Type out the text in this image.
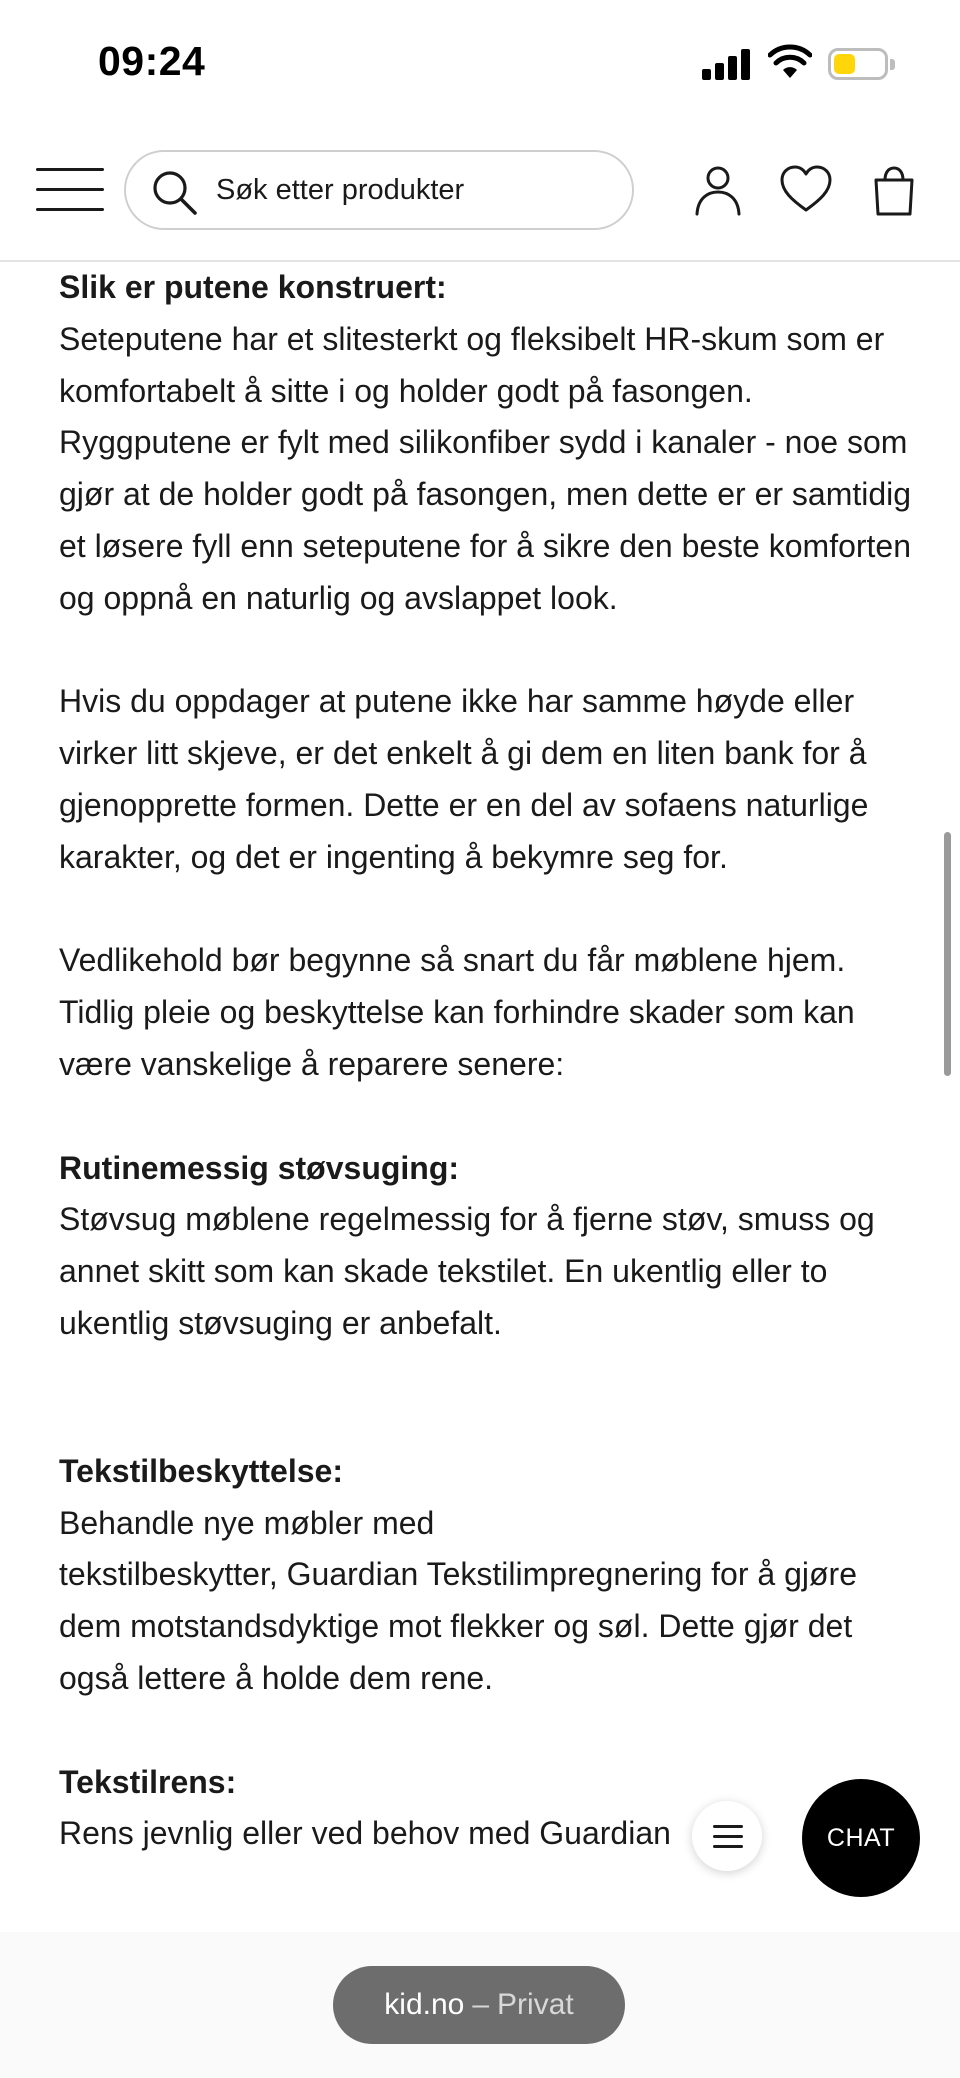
09:24
Søk etter produkter

Slik er putene konstruert:
Seteputene har et slitesterkt og fleksibelt HR-skum som er komfortabelt å sitte i og holder godt på fasongen. Ryggputene er fylt med silikonfiber sydd i kanaler - noe som gjør at de holder godt på fasongen, men dette er er samtidig et løsere fyll enn seteputene for å sikre den beste komforten og oppnå en naturlig og avslappet look.

Hvis du oppdager at putene ikke har samme høyde eller virker litt skjeve, er det enkelt å gi dem en liten bank for å gjenopprette formen. Dette er en del av sofaens naturlige karakter, og det er ingenting å bekymre seg for.

Vedlikehold bør begynne så snart du får møblene hjem. Tidlig pleie og beskyttelse kan forhindre skader som kan være vanskelige å reparere senere:

Rutinemessig støvsuging:
Støvsug møblene regelmessig for å fjerne støv, smuss og annet skitt som kan skade tekstilet. En ukentlig eller to ukentlig støvsuging er anbefalt.

Tekstilbeskyttelse:
Behandle nye møbler med
tekstilbeskytter, Guardian Tekstilimpregnering for å gjøre dem motstandsdyktige mot flekker og søl. Dette gjør det også lettere å holde dem rene.

Tekstilrens:
Rens jevnlig eller ved behov med Guardian	CHAT
kid.no – Privat
